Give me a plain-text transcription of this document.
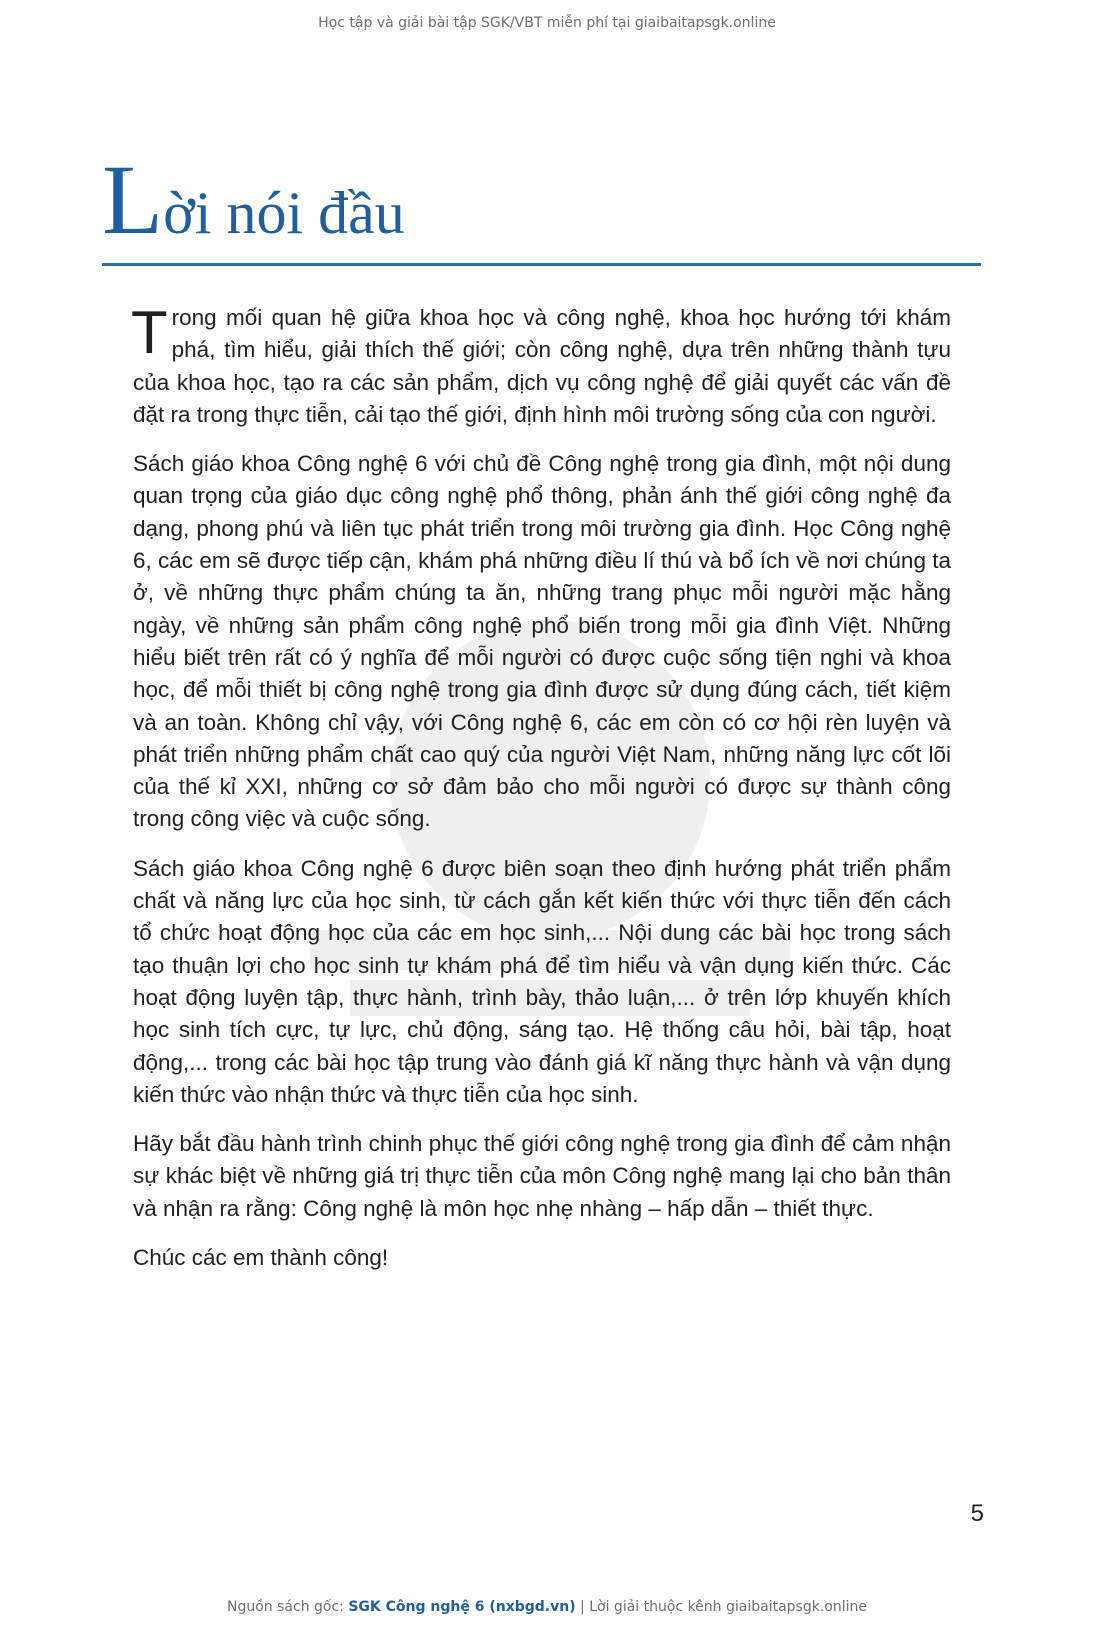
Học tập và giải bài tập SGK/VBT miễn phí tại giaibaitapsgk.online
Lời nói đầu

Trong mối quan hệ giữa khoa học và công nghệ, khoa học hướng tới khám phá, tìm hiểu, giải thích thế giới; còn công nghệ, dựa trên những thành tựu của khoa học, tạo ra các sản phẩm, dịch vụ công nghệ để giải quyết các vấn đề đặt ra trong thực tiễn, cải tạo thế giới, định hình môi trường sống của con người.

Sách giáo khoa Công nghệ 6 với chủ đề Công nghệ trong gia đình, một nội dung quan trọng của giáo dục công nghệ phổ thông, phản ánh thế giới công nghệ đa dạng, phong phú và liên tục phát triển trong môi trường gia đình. Học Công nghệ 6, các em sẽ được tiếp cận, khám phá những điều lí thú và bổ ích về nơi chúng ta ở, về những thực phẩm chúng ta ăn, những trang phục mỗi người mặc hằng ngày, về những sản phẩm công nghệ phổ biến trong mỗi gia đình Việt. Những hiểu biết trên rất có ý nghĩa để mỗi người có được cuộc sống tiện nghi và khoa học, để mỗi thiết bị công nghệ trong gia đình được sử dụng đúng cách, tiết kiệm và an toàn. Không chỉ vậy, với Công nghệ 6, các em còn có cơ hội rèn luyện và phát triển những phẩm chất cao quý của người Việt Nam, những năng lực cốt lõi của thế kỉ XXI, những cơ sở đảm bảo cho mỗi người có được sự thành công trong công việc và cuộc sống.

Sách giáo khoa Công nghệ 6 được biên soạn theo định hướng phát triển phẩm chất và năng lực của học sinh, từ cách gắn kết kiến thức với thực tiễn đến cách tổ chức hoạt động học của các em học sinh,... Nội dung các bài học trong sách tạo thuận lợi cho học sinh tự khám phá để tìm hiểu và vận dụng kiến thức. Các hoạt động luyện tập, thực hành, trình bày, thảo luận,... ở trên lớp khuyến khích học sinh tích cực, tự lực, chủ động, sáng tạo. Hệ thống câu hỏi, bài tập, hoạt động,... trong các bài học tập trung vào đánh giá kĩ năng thực hành và vận dụng kiến thức vào nhận thức và thực tiễn của học sinh.

Hãy bắt đầu hành trình chinh phục thế giới công nghệ trong gia đình để cảm nhận sự khác biệt về những giá trị thực tiễn của môn Công nghệ mang lại cho bản thân và nhận ra rằng: Công nghệ là môn học nhẹ nhàng – hấp dẫn – thiết thực.

Chúc các em thành công!

5
Nguồn sách gốc: SGK Công nghệ 6 (nxbgd.vn) | Lời giải thuộc kênh giaibaitapsgk.online
